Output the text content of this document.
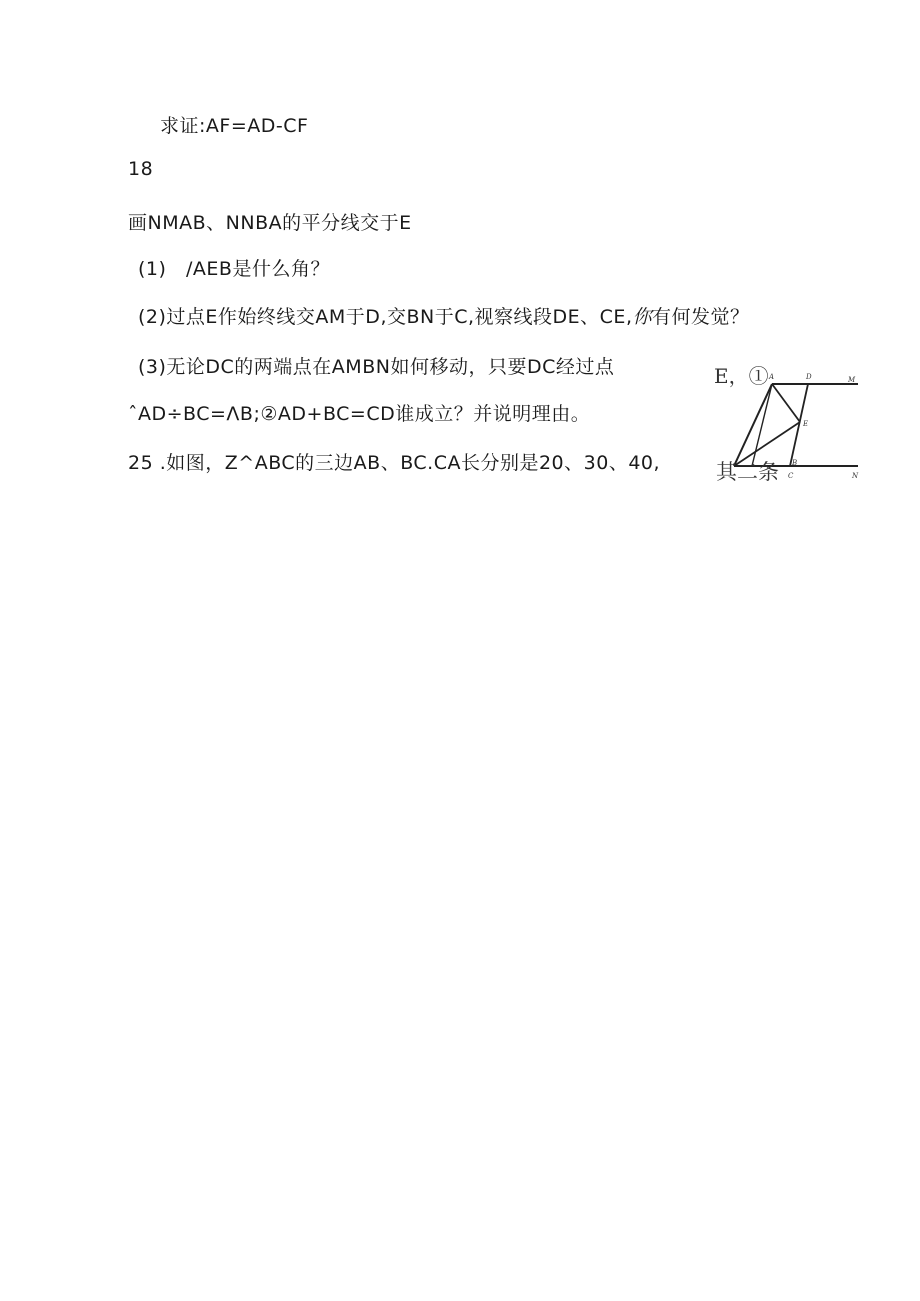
求证:AF=AD-CF
18
画NMAB、NNBA的平分线交于E
(1) /AEB是什么角？
(2)过点E作始终线交AM于D,交BN于C,视察线段DE、CE,你有何发觉？
(3)无论DC的两端点在AMBN如何移动，只要DC经过点
ˆAD÷BC=ΛB;②AD+BC=CD谁成立？并说明理由。
25 .如图，Z^ABC的三边AB、BC.CA长分别是20、30、40,
A	D	M
E
B
C	N
E，①
其二条
